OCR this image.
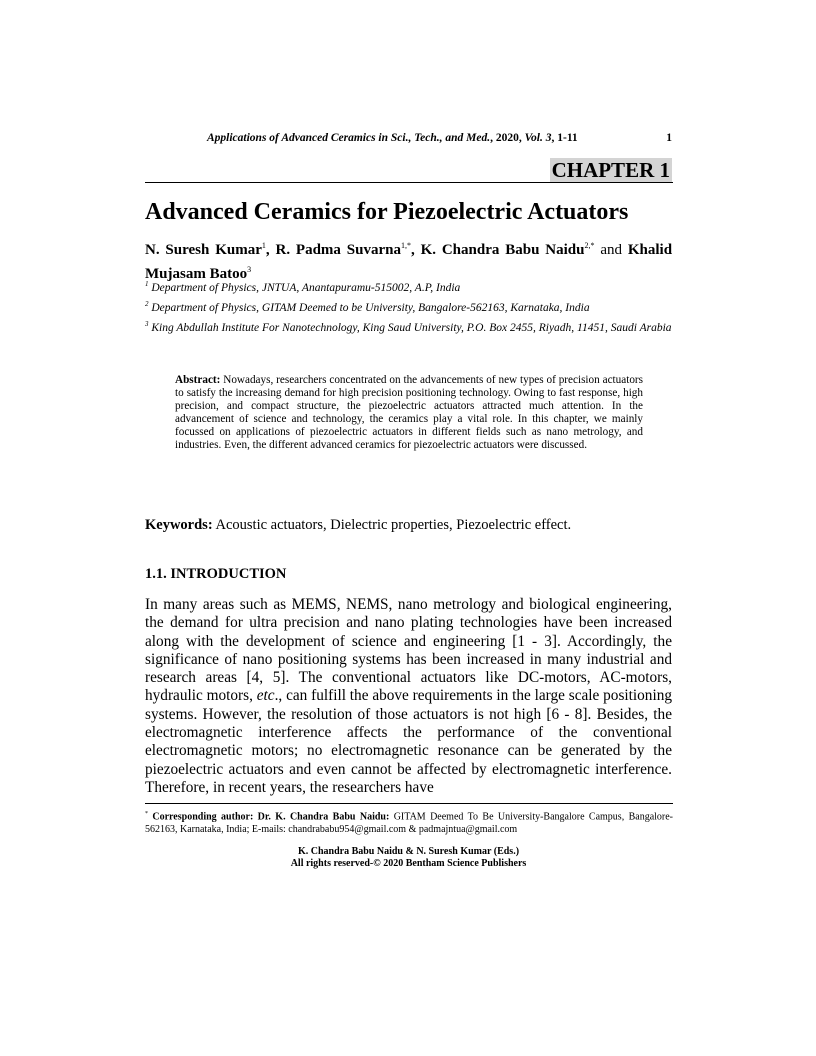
Applications of Advanced Ceramics in Sci., Tech., and Med., 2020, Vol. 3, 1-11	1
CHAPTER 1
Advanced Ceramics for Piezoelectric Actuators
N. Suresh Kumar$^1$, R. Padma Suvarna$^{1,*}$, K. Chandra Babu Naidu$^{2,*}$ and Khalid Mujasam Batoo$^3$
$^1$ Department of Physics, JNTUA, Anantapuramu-515002, A.P, India
$^2$ Department of Physics, GITAM Deemed to be University, Bangalore-562163, Karnataka, India
$^3$ King Abdullah Institute For Nanotechnology, King Saud University, P.O. Box 2455, Riyadh, 11451, Saudi Arabia
Abstract: Nowadays, researchers concentrated on the advancements of new types of precision actuators to satisfy the increasing demand for high precision positioning technology. Owing to fast response, high precision, and compact structure, the piezoelectric actuators attracted much attention. In the advancement of science and technology, the ceramics play a vital role. In this chapter, we mainly focussed on applications of piezoelectric actuators in different fields such as nano metrology, and industries. Even, the different advanced ceramics for piezoelectric actuators were discussed.
Keywords: Acoustic actuators, Dielectric properties, Piezoelectric effect.
1.1. INTRODUCTION
In many areas such as MEMS, NEMS, nano metrology and biological engineering, the demand for ultra precision and nano plating technologies have been increased along with the development of science and engineering [1 - 3]. Accordingly, the significance of nano positioning systems has been increased in many industrial and research areas [4, 5]. The conventional actuators like DC-motors, AC-motors, hydraulic motors, etc., can fulfill the above requirements in the large scale positioning systems. However, the resolution of those actuators is not high [6 - 8]. Besides, the electromagnetic interference affects the performance of the conventional electromagnetic motors; no electromagnetic resonance can be generated by the piezoelectric actuators and even cannot be affected by electromagnetic interference. Therefore, in recent years, the researchers have
* Corresponding author: Dr. K. Chandra Babu Naidu: GITAM Deemed To Be University-Bangalore Campus, Bangalore-562163, Karnataka, India; E-mails: chandrababu954@gmail.com & padmajntua@gmail.com
K. Chandra Babu Naidu & N. Suresh Kumar (Eds.)
All rights reserved-© 2020 Bentham Science Publishers
